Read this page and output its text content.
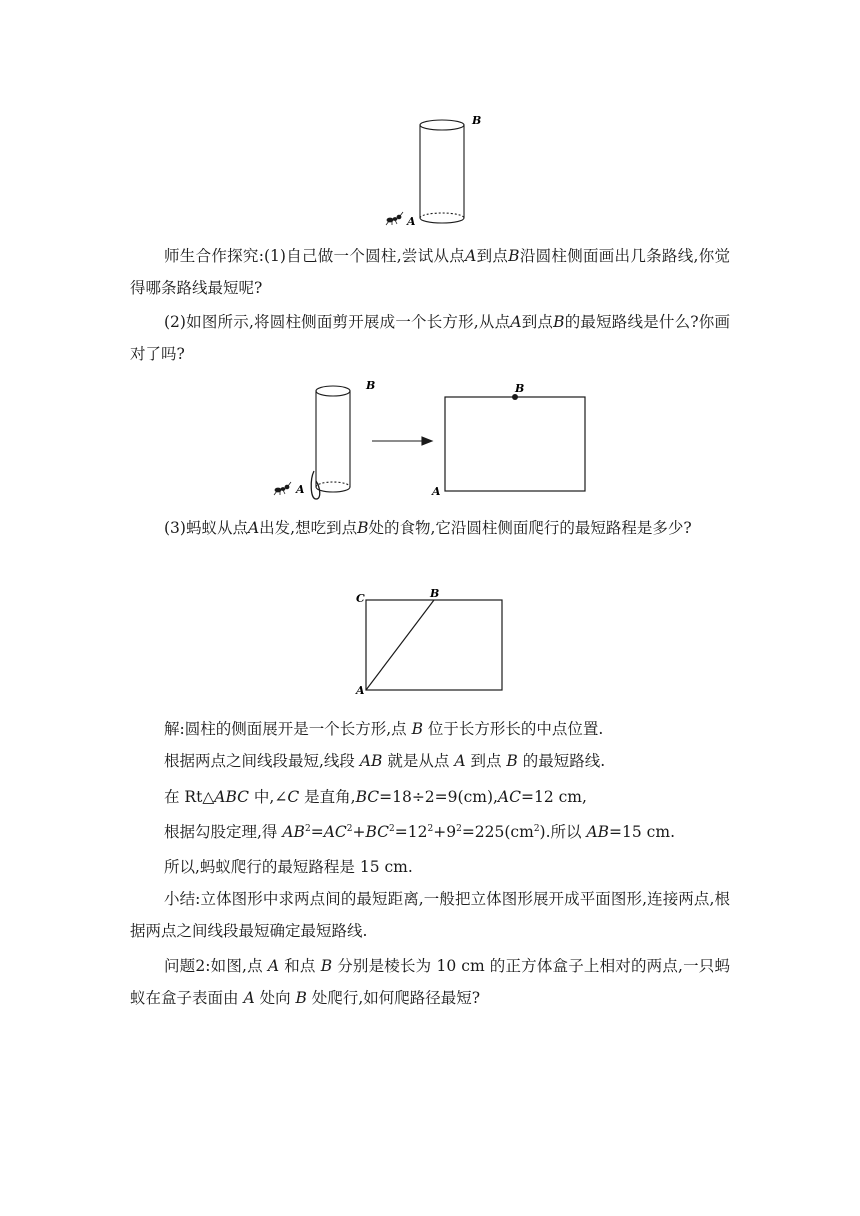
A
B

师生合作探究:(1)自己做一个圆柱,尝试从点A到点B沿圆柱侧面画出几条路线,你觉得哪条路线最短呢?

(2)如图所示,将圆柱侧面剪开展成一个长方形,从点A到点B的最短路线是什么?你画对了吗?

A
B	B
A

(3)蚂蚁从点A出发,想吃到点B处的食物,它沿圆柱侧面爬行的最短路程是多少?

C	B
A

解:圆柱的侧面展开是一个长方形,点 B 位于长方形长的中点位置.

根据两点之间线段最短,线段 AB 就是从点 A 到点 B 的最短路线.

在 Rt△ABC 中,∠C 是直角,BC=18÷2=9(cm),AC=12 cm,

根据勾股定理,得 $AB^2=AC^2+BC^2=12^2+9^2=225(cm^2)$.所以 AB=15 cm.

所以,蚂蚁爬行的最短路程是 15 cm.

小结:立体图形中求两点间的最短距离,一般把立体图形展开成平面图形,连接两点,根据两点之间线段最短确定最短路线.

问题2:如图,点 A 和点 B 分别是棱长为 10 cm 的正方体盒子上相对的两点,一只蚂蚁在盒子表面由 A 处向 B 处爬行,如何爬路径最短?
